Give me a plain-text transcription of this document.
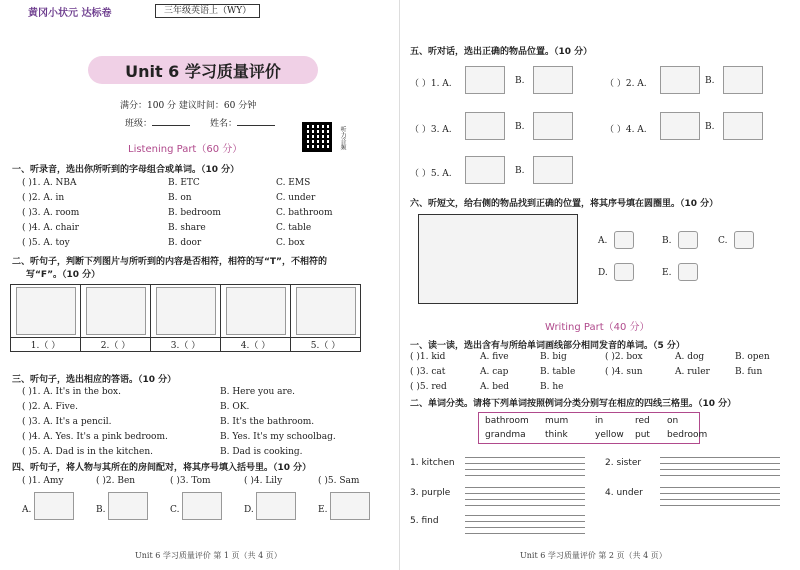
黄冈小状元 达标卷	三年级英语上（WY）
Unit 6 学习质量评价
满分：100 分 建议时间：60 分钟
班级：	姓名：
听力音频
Listening Part（60 分）
一、听录音，选出你所听到的字母组合或单词。（10 分）
( )1. A. NBA	B. ETC	C. EMS
( )2. A. in	B. on	C. under
( )3. A. room	B. bedroom	C. bathroom
( )4. A. chair	B. share	C. table
( )5. A. toy	B. door	C. box
二、听句子，判断下列图片与所听到的内容是否相符，相符的写“T”，不相符的
写“F”。（10 分）
1.（ ）	2.（ ）	3.（ ）	4.（ ）	5.（ ）
三、听句子，选出相应的答语。（10 分）
( )1. A. It's in the box.	B. Here you are.
( )2. A. Five.	B. OK.
( )3. A. It's a pencil.	B. It's the bathroom.
( )4. A. Yes. It's a pink bedroom.	B. Yes. It's my schoolbag.
( )5. A. Dad is in the kitchen.	B. Dad is cooking.
四、听句子，将人物与其所在的房间配对，将其序号填入括号里。（10 分）
( )1. Amy	( )2. Ben	( )3. Tom	( )4. Lily	( )5. Sam
A.	B.	C.	D.	E.
Unit 6 学习质量评价 第 1 页（共 4 页）
五、听对话，选出正确的物品位置。（10 分）
（ ）1. A.	B.	（ ）2. A.	B.
（ ）3. A.	B.	（ ）4. A.	B.
（ ）5. A.	B.
六、听短文，给右侧的物品找到正确的位置，将其序号填在圆圈里。（10 分）
A.	B.	C.
D.	E.
Writing Part（40 分）
一、读一读，选出含有与所给单词画线部分相同发音的单词。（5 分）
( )1. kid	A. five	B. big	( )2. box	A. dog	B. open
( )3. cat	A. cap	B. table	( )4. sun	A. ruler	B. fun
( )5. red	A. bed	B. he
二、单词分类。请将下列单词按照例词分类分别写在相应的四线三格里。（10 分）
bathroom mum	in	red on
grandma think	yellow put bedroom
1. kitchen	2. sister
3. purple	4. under
5. find
Unit 6 学习质量评价 第 2 页（共 4 页）
